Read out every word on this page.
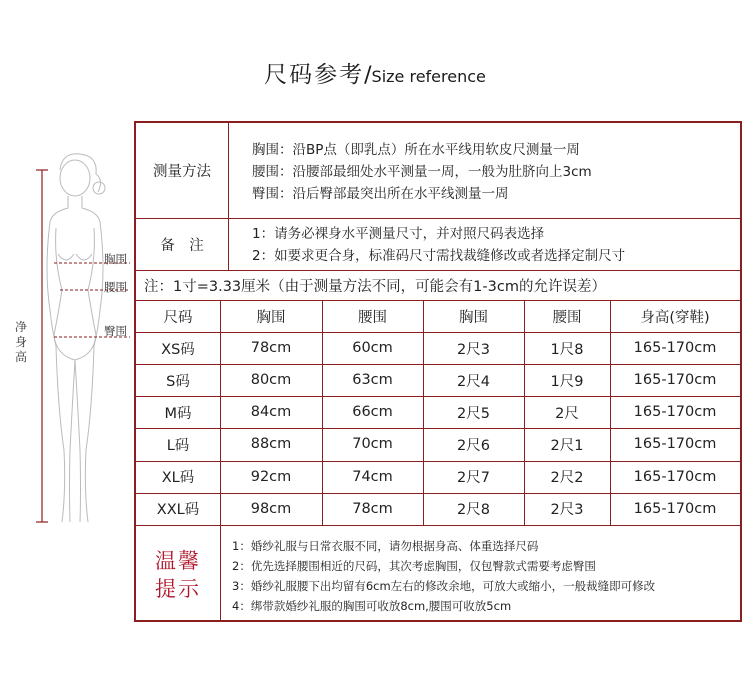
尺码参考/Size reference
胸围
腰围
臀围
净身高
测量方法
胸围：沿BP点（即乳点）所在水平线用软皮尺测量一周
腰围：沿腰部最细处水平测量一周，一般为肚脐向上3cm
臀围：沿后臀部最突出所在水平线测量一周
备　注
1：请务必裸身水平测量尺寸，并对照尺码表选择
2：如要求更合身，标准码尺寸需找裁缝修改或者选择定制尺寸
注：1寸=3.33厘米（由于测量方法不同，可能会有1-3cm的允许误差）
尺码	胸围	腰围	胸围	腰围	身高(穿鞋)
XS码	78cm	60cm	2尺3	1尺8	165-170cm
S码	80cm	63cm	2尺4	1尺9	165-170cm
M码	84cm	66cm	2尺5	2尺	165-170cm
L码	88cm	70cm	2尺6	2尺1	165-170cm
XL码	92cm	74cm	2尺7	2尺2	165-170cm
XXL码	98cm	78cm	2尺8	2尺3	165-170cm
温馨
提示
1：婚纱礼服与日常衣服不同，请勿根据身高、体重选择尺码
2：优先选择腰围相近的尺码，其次考虑胸围，仅包臀款式需要考虑臀围
3：婚纱礼服腰下出均留有6cm左右的修改余地，可放大或缩小，一般裁缝即可修改
4：绑带款婚纱礼服的胸围可收放8cm,腰围可收放5cm
